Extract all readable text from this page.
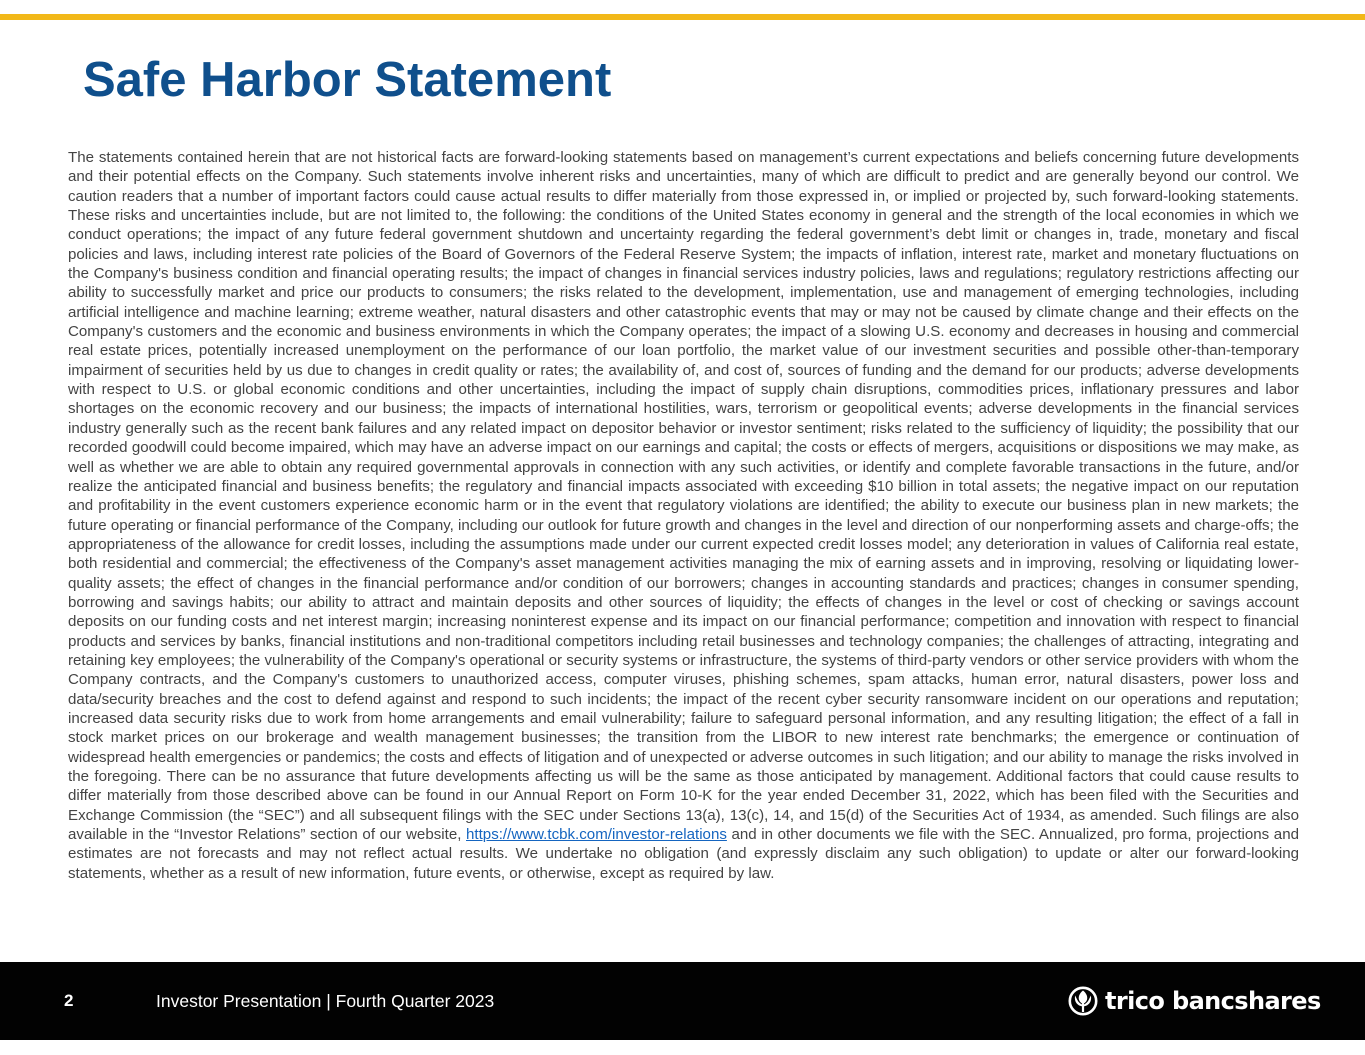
Safe Harbor Statement

The statements contained herein that are not historical facts are forward-looking statements based on management’s current expectations and beliefs concerning future developments and their potential effects on the Company. Such statements involve inherent risks and uncertainties, many of which are difficult to predict and are generally beyond our control. We caution readers that a number of important factors could cause actual results to differ materially from those expressed in, or implied or projected by, such forward-looking statements. These risks and uncertainties include, but are not limited to, the following: the conditions of the United States economy in general and the strength of the local economies in which we conduct operations; the impact of any future federal government shutdown and uncertainty regarding the federal government’s debt limit or changes in, trade, monetary and fiscal policies and laws, including interest rate policies of the Board of Governors of the Federal Reserve System; the impacts of inflation, interest rate, market and monetary fluctuations on the Company's business condition and financial operating results; the impact of changes in financial services industry policies, laws and regulations; regulatory restrictions affecting our ability to successfully market and price our products to consumers; the risks related to the development, implementation, use and management of emerging technologies, including artificial intelligence and machine learning; extreme weather, natural disasters and other catastrophic events that may or may not be caused by climate change and their effects on the Company's customers and the economic and business environments in which the Company operates; the impact of a slowing U.S. economy and decreases in housing and commercial real estate prices, potentially increased unemployment on the performance of our loan portfolio, the market value of our investment securities and possible other-than-temporary impairment of securities held by us due to changes in credit quality or rates; the availability of, and cost of, sources of funding and the demand for our products; adverse developments with respect to U.S. or global economic conditions and other uncertainties, including the impact of supply chain disruptions, commodities prices, inflationary pressures and labor shortages on the economic recovery and our business; the impacts of international hostilities, wars, terrorism or geopolitical events; adverse developments in the financial services industry generally such as the recent bank failures and any related impact on depositor behavior or investor sentiment; risks related to the sufficiency of liquidity; the possibility that our recorded goodwill could become impaired, which may have an adverse impact on our earnings and capital; the costs or effects of mergers, acquisitions or dispositions we may make, as well as whether we are able to obtain any required governmental approvals in connection with any such activities, or identify and complete favorable transactions in the future, and/or realize the anticipated financial and business benefits; the regulatory and financial impacts associated with exceeding $10 billion in total assets; the negative impact on our reputation and profitability in the event customers experience economic harm or in the event that regulatory violations are identified; the ability to execute our business plan in new markets; the future operating or financial performance of the Company, including our outlook for future growth and changes in the level and direction of our nonperforming assets and charge-offs; the appropriateness of the allowance for credit losses, including the assumptions made under our current expected credit losses model; any deterioration in values of California real estate, both residential and commercial; the effectiveness of the Company's asset management activities managing the mix of earning assets and in improving, resolving or liquidating lower-quality assets; the effect of changes in the financial performance and/or condition of our borrowers; changes in accounting standards and practices; changes in consumer spending, borrowing and savings habits; our ability to attract and maintain deposits and other sources of liquidity; the effects of changes in the level or cost of checking or savings account deposits on our funding costs and net interest margin; increasing noninterest expense and its impact on our financial performance; competition and innovation with respect to financial products and services by banks, financial institutions and non-traditional competitors including retail businesses and technology companies; the challenges of attracting, integrating and retaining key employees; the vulnerability of the Company's operational or security systems or infrastructure, the systems of third-party vendors or other service providers with whom the Company contracts, and the Company's customers to unauthorized access, computer viruses, phishing schemes, spam attacks, human error, natural disasters, power loss and data/security breaches and the cost to defend against and respond to such incidents; the impact of the recent cyber security ransomware incident on our operations and reputation; increased data security risks due to work from home arrangements and email vulnerability; failure to safeguard personal information, and any resulting litigation; the effect of a fall in stock market prices on our brokerage and wealth management businesses; the transition from the LIBOR to new interest rate benchmarks; the emergence or continuation of widespread health emergencies or pandemics; the costs and effects of litigation and of unexpected or adverse outcomes in such litigation; and our ability to manage the risks involved in the foregoing. There can be no assurance that future developments affecting us will be the same as those anticipated by management. Additional factors that could cause results to differ materially from those described above can be found in our Annual Report on Form 10-K for the year ended December 31, 2022, which has been filed with the Securities and Exchange Commission (the “SEC”) and all subsequent filings with the SEC under Sections 13(a), 13(c), 14, and 15(d) of the Securities Act of 1934, as amended. Such filings are also available in the “Investor Relations” section of our website, https://www.tcbk.com/investor-relations and in other documents we file with the SEC. Annualized, pro forma, projections and estimates are not forecasts and may not reflect actual results. We undertake no obligation (and expressly disclaim any such obligation) to update or alter our forward-looking statements, whether as a result of new information, future events, or otherwise, except as required by law.

2	Investor Presentation | Fourth Quarter 2023	trico bancshares
